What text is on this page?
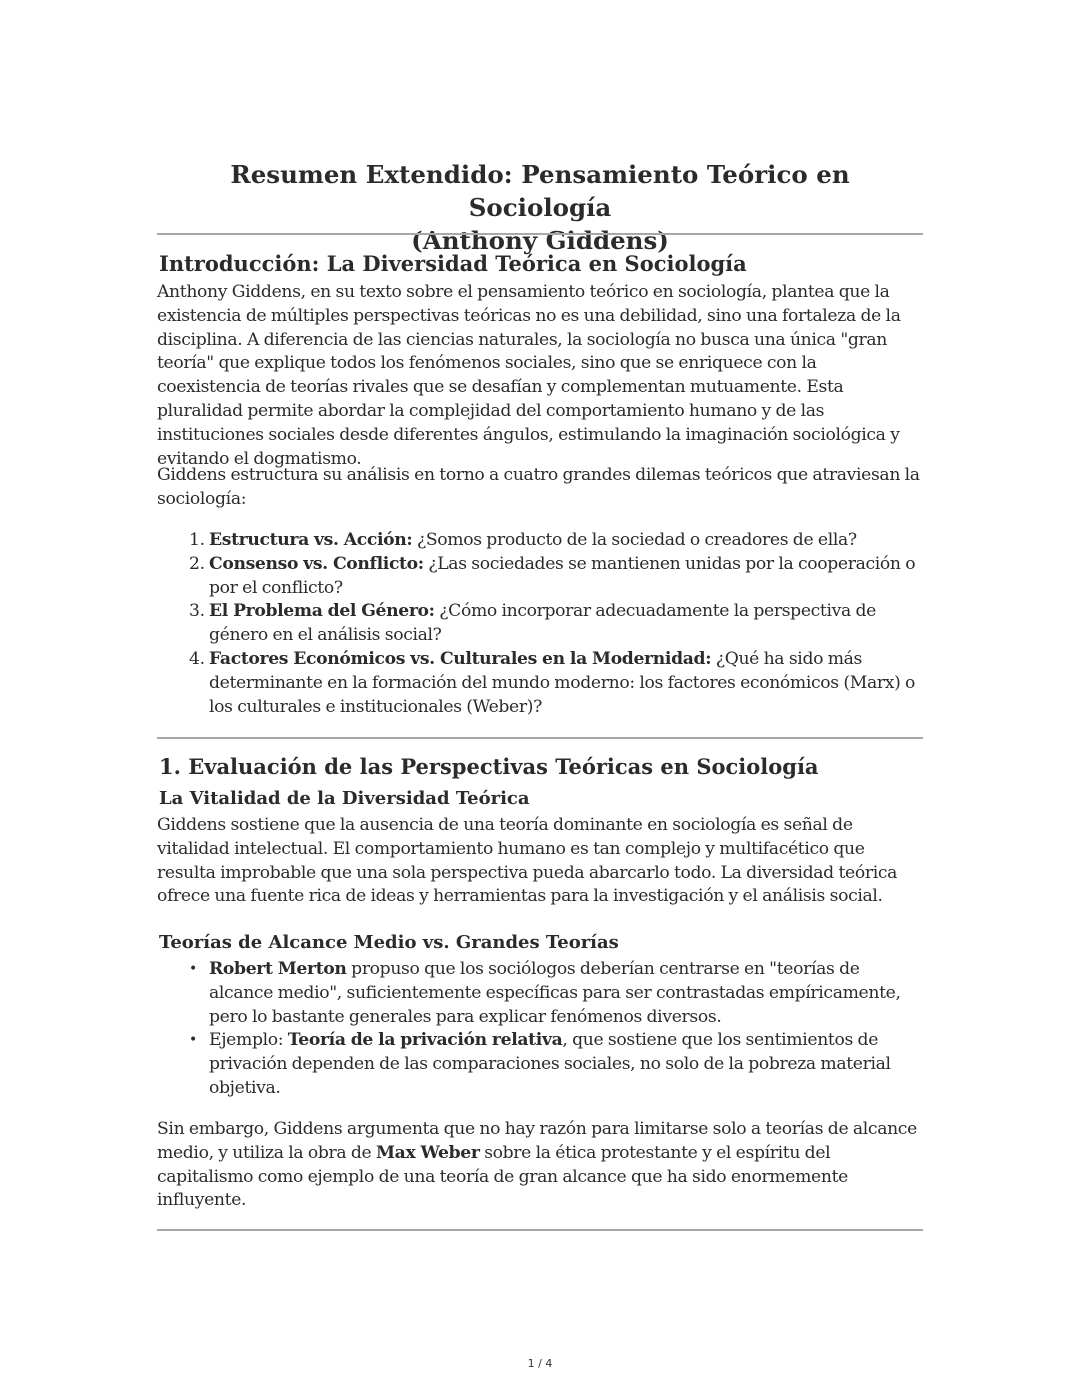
Resumen Extendido: Pensamiento Teórico en Sociología
(Anthony Giddens)
Introducción: La Diversidad Teórica en Sociología

Anthony Giddens, en su texto sobre el pensamiento teórico en sociología, plantea que la existencia de múltiples perspectivas teóricas no es una debilidad, sino una fortaleza de la disciplina. A diferencia de las ciencias naturales, la sociología no busca una única "gran teoría" que explique todos los fenómenos sociales, sino que se enriquece con la coexistencia de teorías rivales que se desafían y complementan mutuamente. Esta pluralidad permite abordar la complejidad del comportamiento humano y de las instituciones sociales desde diferentes ángulos, estimulando la imaginación sociológica y evitando el dogmatismo.

Giddens estructura su análisis en torno a cuatro grandes dilemas teóricos que atraviesan la sociología:

1. Estructura vs. Acción: ¿Somos producto de la sociedad o creadores de ella?
2. Consenso vs. Conflicto: ¿Las sociedades se mantienen unidas por la cooperación o por el conflicto?
3. El Problema del Género: ¿Cómo incorporar adecuadamente la perspectiva de género en el análisis social?
4. Factores Económicos vs. Culturales en la Modernidad: ¿Qué ha sido más determinante en la formación del mundo moderno: los factores económicos (Marx) o los culturales e institucionales (Weber)?
1. Evaluación de las Perspectivas Teóricas en Sociología
La Vitalidad de la Diversidad Teórica

Giddens sostiene que la ausencia de una teoría dominante en sociología es señal de vitalidad intelectual. El comportamiento humano es tan complejo y multifacético que resulta improbable que una sola perspectiva pueda abarcarlo todo. La diversidad teórica ofrece una fuente rica de ideas y herramientas para la investigación y el análisis social.

Teorías de Alcance Medio vs. Grandes Teorías
• Robert Merton propuso que los sociólogos deberían centrarse en "teorías de alcance medio", suficientemente específicas para ser contrastadas empíricamente, pero lo bastante generales para explicar fenómenos diversos.
• Ejemplo: Teoría de la privación relativa, que sostiene que los sentimientos de privación dependen de las comparaciones sociales, no solo de la pobreza material objetiva.

Sin embargo, Giddens argumenta que no hay razón para limitarse solo a teorías de alcance medio, y utiliza la obra de Max Weber sobre la ética protestante y el espíritu del capitalismo como ejemplo de una teoría de gran alcance que ha sido enormemente influyente.

1 / 4
